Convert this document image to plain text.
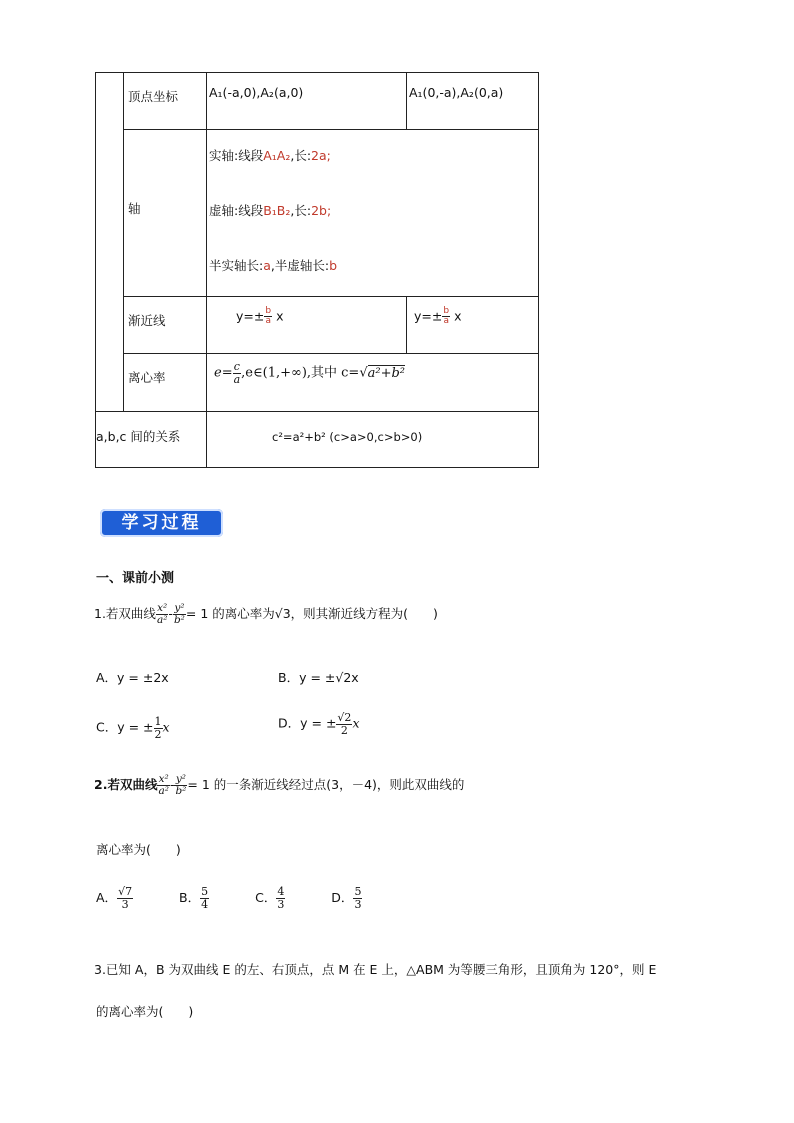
顶点坐标 A₁(-a,0),A₂(a,0)	A₁(0,-a),A₂(0,a)
轴
实轴:线段A₁A₂,长:2a;
虚轴:线段B₁B₂,长:2b;
半实轴长:a,半虚轴长:b
渐近线	$y=\pm \frac{b}{a}$ x	$y=\pm \frac{b}{a}$ x
离心率	$e= \frac{c}{a}$ ,e∈(1,+∞),其中 c=√a²+b²
a,b,c 间的关系	c²=a²+b² (c>a>0,c>b>0)
学习过程
一、课前小测
1.若双曲线 $\frac{\text{x²}}{\text{a²}} - \frac{\text{y²}}{\text{b²}} = 1$ 的离心率为√3，则其渐近线方程为(　　)
A．y = ±2x	B．y = ±√2x
C．y = ± $\frac{1}{2}$ x	D．y = ± $\frac{√2}{2}$ x
2.若双曲线 $\frac{\text{x²}}{\text{a²}} - \frac{\text{y²}}{\text{b²}} = 1$ 的一条渐近线经过点(3，－4)，则此双曲线的
离心率为(　　)
A． $\frac{√7}{3}$	B． $\frac{5}{4}$	C． $\frac{4}{3}$	D． $\frac{5}{3}$
3.已知 A，B 为双曲线 E 的左、右顶点，点 M 在 E 上，△ABM 为等腰三角形，且顶角为 120°，则 E
的离心率为(　　)
